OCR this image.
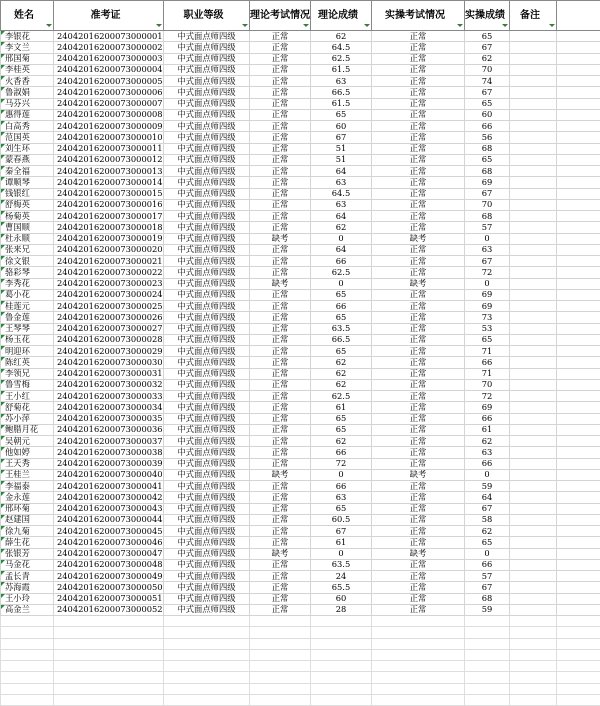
姓名	准考证	职业等级	理论考试情况	理论成绩	实操考试情况	实操成绩	备注

李银花	24042016200073000001	中式面点师四级	正常	62	正常	65		

李文兰	24042016200073000002	中式面点师四级	正常	64.5	正常	67		

邢国菊	24042016200073000003	中式面点师四级	正常	62.5	正常	62		

李桂英	24042016200073000004	中式面点师四级	正常	61.5	正常	70		

火香香	24042016200073000005	中式面点师四级	正常	63	正常	74		

鲁淑娟	24042016200073000006	中式面点师四级	正常	66.5	正常	67		

马芬兴	24042016200073000007	中式面点师四级	正常	61.5	正常	65		

惠得莲	24042016200073000008	中式面点师四级	正常	65	正常	60		

白高秀	24042016200073000009	中式面点师四级	正常	60	正常	66		

范国英	24042016200073000010	中式面点师四级	正常	67	正常	56		

刘生环	24042016200073000011	中式面点师四级	正常	51	正常	68		

蒙春燕	24042016200073000012	中式面点师四级	正常	51	正常	65		

秦全福	24042016200073000013	中式面点师四级	正常	64	正常	68		

谭顺琴	24042016200073000014	中式面点师四级	正常	63	正常	69		

钱银红	24042016200073000015	中式面点师四级	正常	64.5	正常	67		

舒梅英	24042016200073000016	中式面点师四级	正常	63	正常	70		

杨菊英	24042016200073000017	中式面点师四级	正常	64	正常	68		

曹国顺	24042016200073000018	中式面点师四级	正常	62	正常	57		

杜永顺	24042016200073000019	中式面点师四级	缺考	0	缺考	0		

张来兄	24042016200073000020	中式面点师四级	正常	64	正常	63		

徐文银	24042016200073000021	中式面点师四级	正常	66	正常	67		

骆彩琴	24042016200073000022	中式面点师四级	正常	62.5	正常	72		

李秀花	24042016200073000023	中式面点师四级	缺考	0	缺考	0		

葛小花	24042016200073000024	中式面点师四级	正常	65	正常	69		

桂莲元	24042016200073000025	中式面点师四级	正常	66	正常	69		

鲁金莲	24042016200073000026	中式面点师四级	正常	65	正常	73		

王琴琴	24042016200073000027	中式面点师四级	正常	63.5	正常	53		

杨玉花	24042016200073000028	中式面点师四级	正常	66.5	正常	65		

明迎环	24042016200073000029	中式面点师四级	正常	65	正常	71		

陈红英	24042016200073000030	中式面点师四级	正常	62	正常	66		

李领兄	24042016200073000031	中式面点师四级	正常	62	正常	71		

鲁雪梅	24042016200073000032	中式面点师四级	正常	62	正常	70		

王小红	24042016200073000033	中式面点师四级	正常	62.5	正常	72		

舒菊花	24042016200073000034	中式面点师四级	正常	61	正常	69		

苏小萍	24042016200073000035	中式面点师四级	正常	65	正常	66		

鲍腊月花	24042016200073000036	中式面点师四级	正常	65	正常	61		

吴朝元	24042016200073000037	中式面点师四级	正常	62	正常	62		

他如婷	24042016200073000038	中式面点师四级	正常	66	正常	63		

王天秀	24042016200073000039	中式面点师四级	正常	72	正常	66		

王桂兰	24042016200073000040	中式面点师四级	缺考	0	缺考	0		

李福泰	24042016200073000041	中式面点师四级	正常	66	正常	59		

金永莲	24042016200073000042	中式面点师四级	正常	63	正常	64		

邢环菊	24042016200073000043	中式面点师四级	正常	65	正常	67		

赵建国	24042016200073000044	中式面点师四级	正常	60.5	正常	58		

徐九菊	24042016200073000045	中式面点师四级	正常	67	正常	62		

薛生花	24042016200073000046	中式面点师四级	正常	61	正常	65		

张银芳	24042016200073000047	中式面点师四级	缺考	0	缺考	0		

马金花	24042016200073000048	中式面点师四级	正常	63.5	正常	66		

孟长青	24042016200073000049	中式面点师四级	正常	24	正常	57		

苏海霞	24042016200073000050	中式面点师四级	正常	65.5	正常	67		

王小玲	24042016200073000051	中式面点师四级	正常	60	正常	68		

高金兰	24042016200073000052	中式面点师四级	正常	28	正常	59		
